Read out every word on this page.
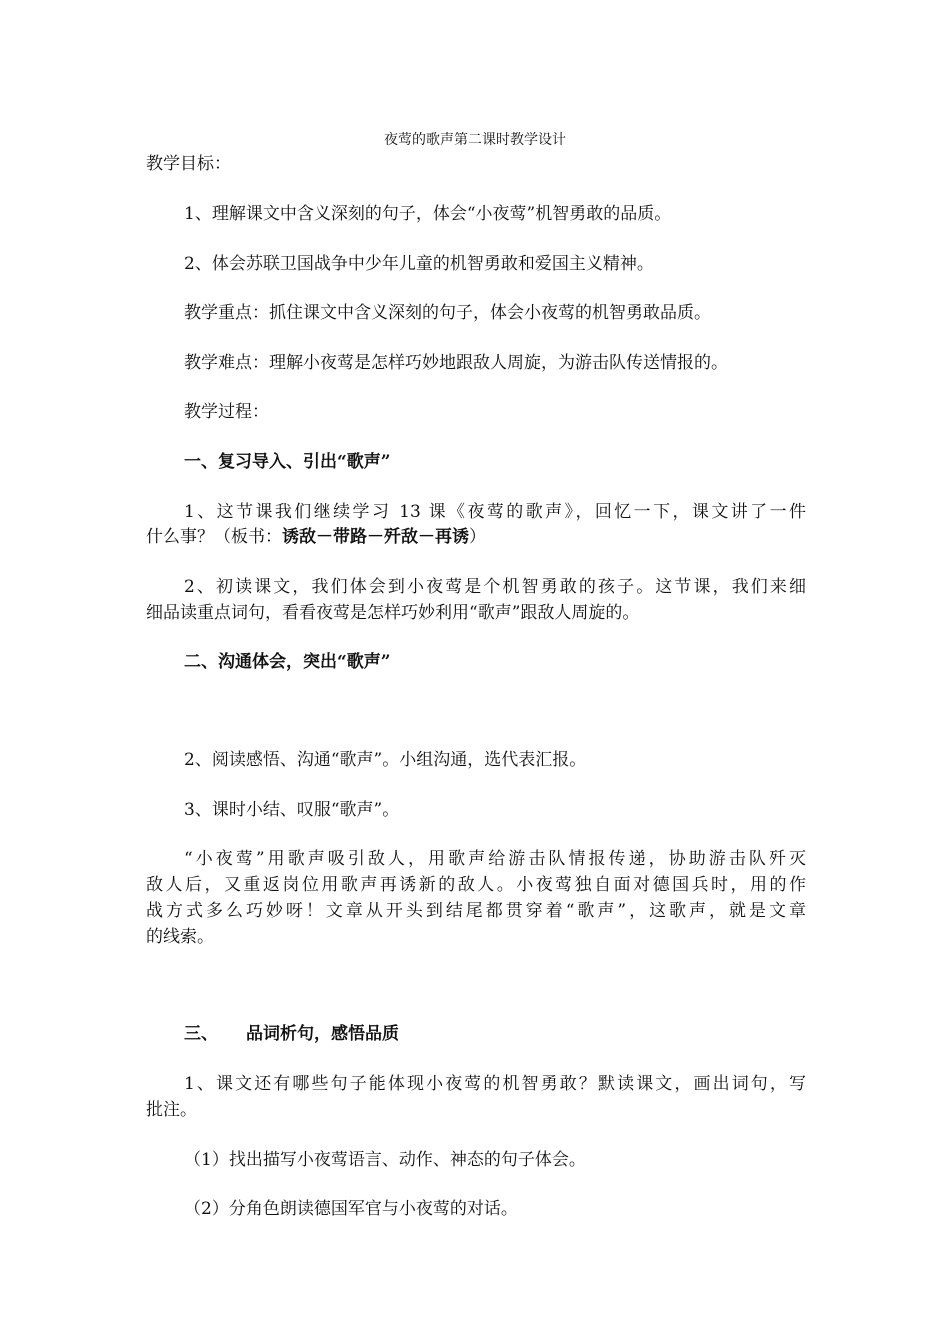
夜莺的歌声第二课时教学设计
教学目标：
1、理解课文中含义深刻的句子，体会“小夜莺”机智勇敢的品质。
2、体会苏联卫国战争中少年儿童的机智勇敢和爱国主义精神。
教学重点：抓住课文中含义深刻的句子，体会小夜莺的机智勇敢品质。
教学难点：理解小夜莺是怎样巧妙地跟敌人周旋，为游击队传送情报的。
教学过程：
一、复习导入、引出“歌声”
1、这节课我们继续学习 13 课《夜莺的歌声》，回忆一下，课文讲了一件
什么事？（板书：诱敌－带路－歼敌－再诱）
2、初读课文，我们体会到小夜莺是个机智勇敢的孩子。这节课，我们来细
细品读重点词句，看看夜莺是怎样巧妙利用“歌声”跟敌人周旋的。
二、沟通体会，突出“歌声”
2、阅读感悟、沟通“歌声”。小组沟通，选代表汇报。
3、课时小结、叹服“歌声”。
“小夜莺”用歌声吸引敌人，用歌声给游击队情报传递，协助游击队歼灭
敌人后，又重返岗位用歌声再诱新的敌人。小夜莺独自面对德国兵时，用的作
战方式多么巧妙呀！文章从开头到结尾都贯穿着“歌声”，这歌声，就是文章
的线索。
三、 品词析句，感悟品质
1、课文还有哪些句子能体现小夜莺的机智勇敢？默读课文，画出词句，写
批注。
（1）找出描写小夜莺语言、动作、神态的句子体会。
（2）分角色朗读德国军官与小夜莺的对话。
